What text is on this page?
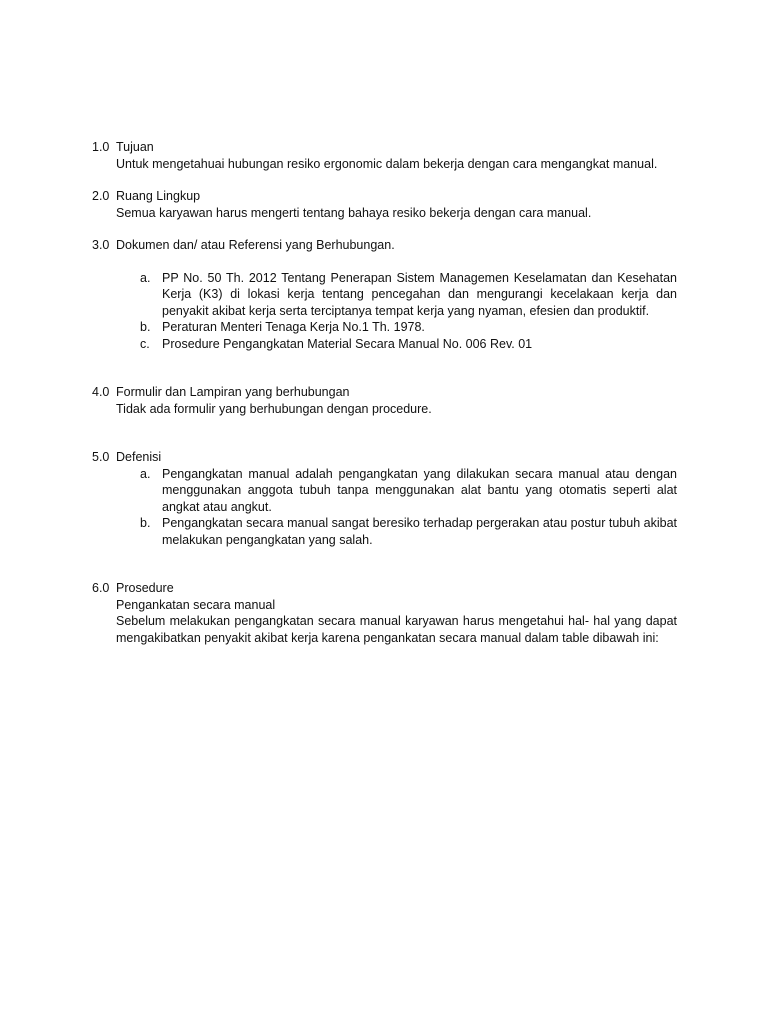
1.0 Tujuan
Untuk mengetahuai hubungan resiko ergonomic dalam bekerja dengan cara mengangkat manual.
2.0 Ruang Lingkup
Semua karyawan harus mengerti tentang bahaya resiko bekerja dengan cara manual.
3.0 Dokumen dan/ atau Referensi yang Berhubungan.
a. PP No. 50 Th. 2012 Tentang Penerapan Sistem Managemen Keselamatan dan Kesehatan Kerja (K3) di lokasi kerja tentang pencegahan dan mengurangi kecelakaan kerja dan penyakit akibat kerja serta terciptanya tempat kerja yang nyaman, efesien dan produktif.
b. Peraturan Menteri Tenaga Kerja No.1 Th. 1978.
c. Prosedure Pengangkatan Material Secara Manual No. 006 Rev. 01
4.0 Formulir dan Lampiran yang berhubungan
Tidak ada formulir yang berhubungan dengan procedure.
5.0 Defenisi
a. Pengangkatan manual adalah pengangkatan yang dilakukan secara manual atau dengan menggunakan anggota tubuh tanpa menggunakan alat bantu yang otomatis seperti alat angkat atau angkut.
b. Pengangkatan secara manual sangat beresiko terhadap pergerakan atau postur tubuh akibat melakukan pengangkatan yang salah.
6.0 Prosedure
Pengankatan secara manual
Sebelum melakukan pengangkatan secara manual karyawan harus mengetahui hal- hal yang dapat mengakibatkan penyakit akibat kerja karena pengankatan secara manual dalam table dibawah ini:
